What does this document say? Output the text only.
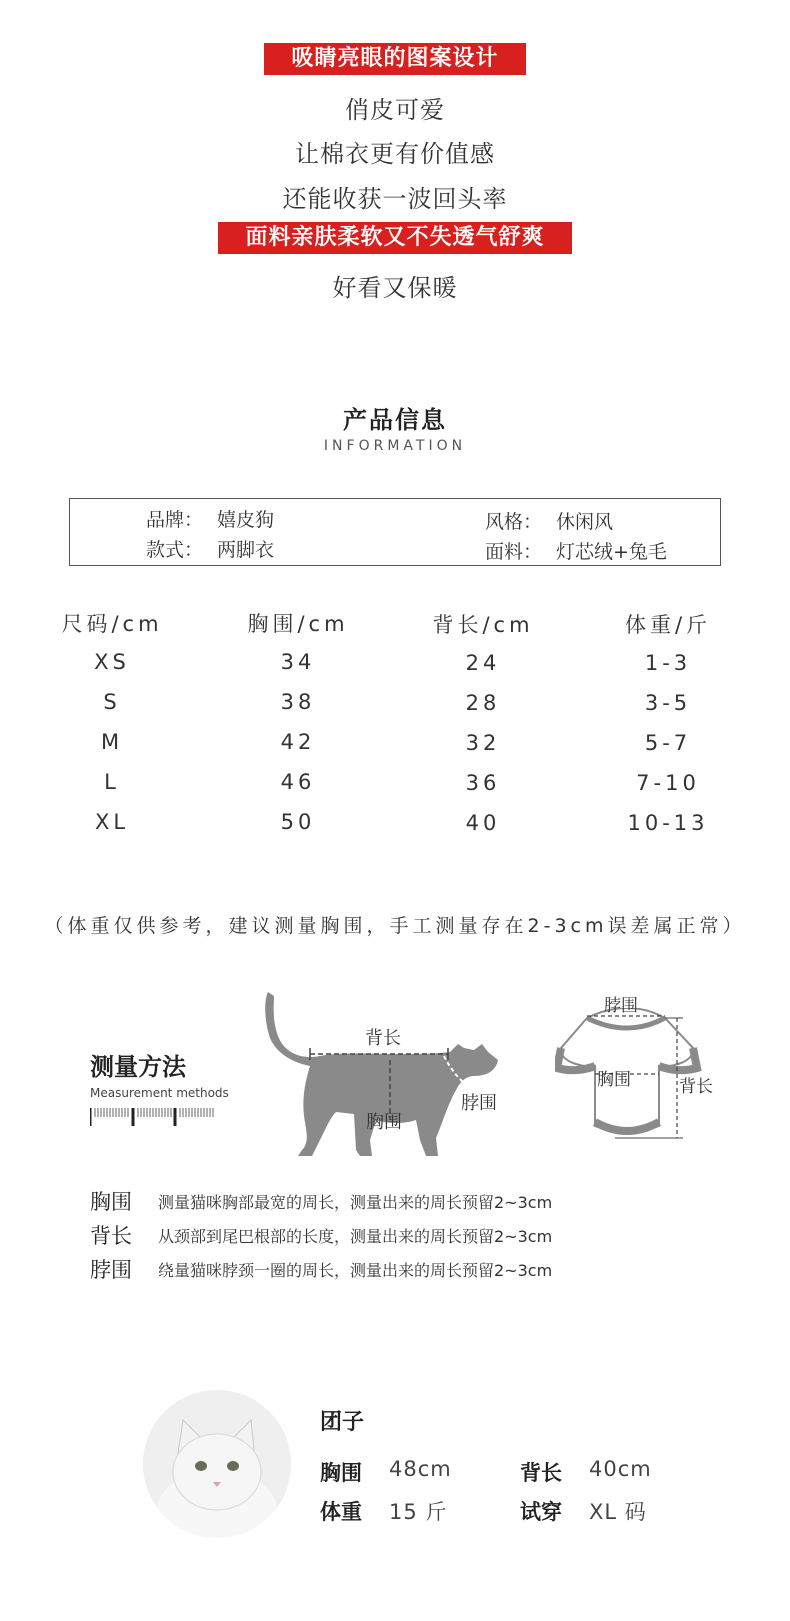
吸睛亮眼的图案设计
俏皮可爱
让棉衣更有价值感
还能收获一波回头率
面料亲肤柔软又不失透气舒爽
好看又保暖
产品信息
INFORMATION
品牌： 嬉皮狗	风格： 休闲风
款式： 两脚衣	面料： 灯芯绒+兔毛
尺码/cm	胸围/cm	背长/cm	体重/斤
XS	34	24	1-3
S	38	28	3-5
M	42	32	5-7
L	46	36	7-10
XL	50	40	10-13
（体重仅供参考，建议测量胸围，手工测量存在2-3cm误差属正常）
测量方法
Measurement methods
背长
胸围
脖围
脖围
胸围	背长
胸围 测量猫咪胸部最宽的周长，测量出来的周长预留2~3cm
背长 从颈部到尾巴根部的长度，测量出来的周长预留2~3cm
脖围 绕量猫咪脖颈一圈的周长，测量出来的周长预留2~3cm
团子
胸围 48cm	背长 40cm
体重 15 斤	试穿 XL 码
